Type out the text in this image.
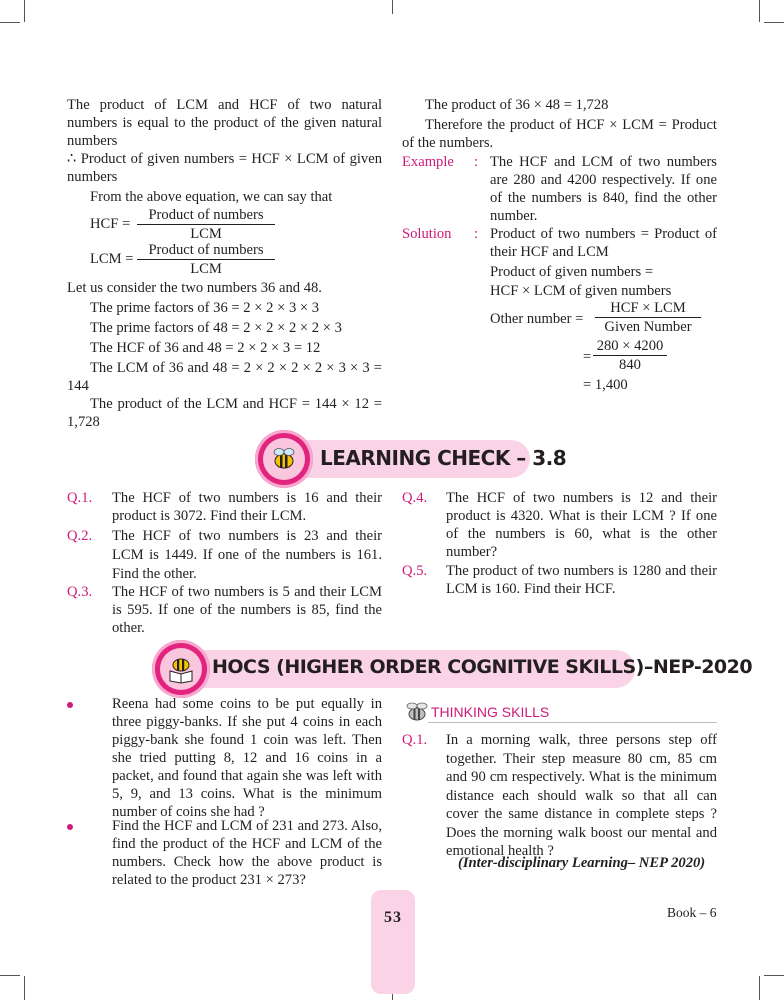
The product of LCM and HCF of two natural numbers is equal to the product of the given natural numbers
∴ Product of given numbers = HCF × LCM of given numbers
From the above equation, we can say that
HCF =
Product of numbers
LCM
LCM =
Product of numbers
LCM
Let us consider the two numbers 36 and 48.
The prime factors of 36 = 2 × 2 × 3 × 3
The prime factors of 48 = 2 × 2 × 2 × 2 × 3
The HCF of 36 and 48 = 2 × 2 × 3 = 12
The LCM of 36 and 48 = 2 × 2 × 2 × 2 × 3 × 3 = 144
The product of the LCM and HCF = 144 × 12 = 1,728
The product of 36 × 48 = 1,728
Therefore the product of HCF × LCM = Product of the numbers.
Example : The HCF and LCM of two numbers are 280 and 4200 respectively. If one of the numbers is 840, find the other number.
Solution : Product of two numbers = Product of their HCF and LCM
Product of given numbers =
HCF × LCM of given numbers
Other number =
HCF × LCM
Given Number
= $\frac{280 \times 4200}{840}$
= 1,400
LEARNING CHECK – 3.8
Q.1. The HCF of two numbers is 16 and their product is 3072. Find their LCM.
Q.2. The HCF of two numbers is 23 and their LCM is 1449. If one of the numbers is 161. Find the other.
Q.3. The HCF of two numbers is 5 and their LCM is 595. If one of the numbers is 85, find the other.
Q.4. The HCF of two numbers is 12 and their product is 4320. What is their LCM ? If one of the numbers is 60, what is the other number?
Q.5. The product of two numbers is 1280 and their LCM is 160. Find their HCF.
HOCS (HIGHER ORDER COGNITIVE SKILLS)–NEP-2020
Reena had some coins to be put equally in three piggy-banks. If she put 4 coins in each piggy-bank she found 1 coin was left. Then she tried putting 8, 12 and 16 coins in a packet, and found that again she was left with 5, 9, and 13 coins. What is the minimum number of coins she had ?
Find the HCF and LCM of 231 and 273. Also, find the product of the HCF and LCM of the numbers. Check how the above product is related to the product 231 × 273?
THINKING SKILLS
Q.1. In a morning walk, three persons step off together. Their step measure 80 cm, 85 cm and 90 cm respectively. What is the minimum distance each should walk so that all can cover the same distance in complete steps ? Does the morning walk boost our mental and emotional health ?
(Inter-disciplinary Learning– NEP 2020)
53	Book – 6
